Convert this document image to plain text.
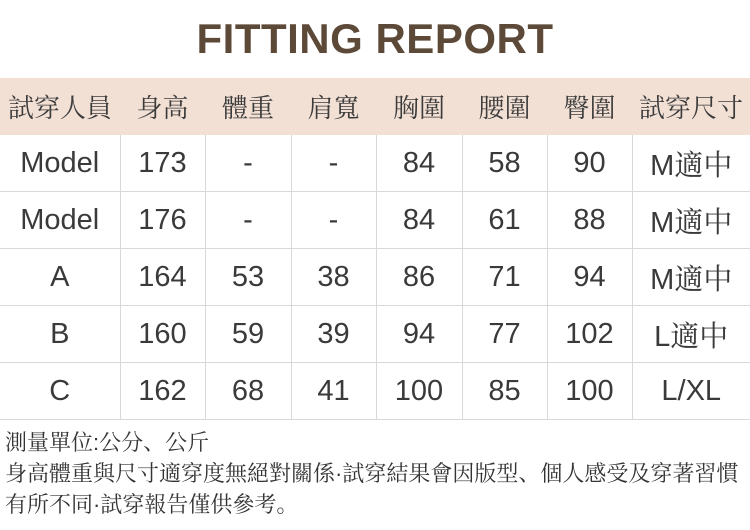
FITTING REPORT
試穿人員	身高	體重	肩寬	胸圍	腰圍	臀圍	試穿尺寸
Model	173	-	-	84	58	90	M適中
Model	176	-	-	84	61	88	M適中
A	164	53	38	86	71	94	M適中
B	160	59	39	94	77	102	L適中
C	162	68	41	100	85	100	L/XL
測量單位:公分、公斤
身高體重與尺寸適穿度無絕對關係·試穿結果會因版型、個人感受及穿著習慣有所不同·試穿報告僅供參考。
